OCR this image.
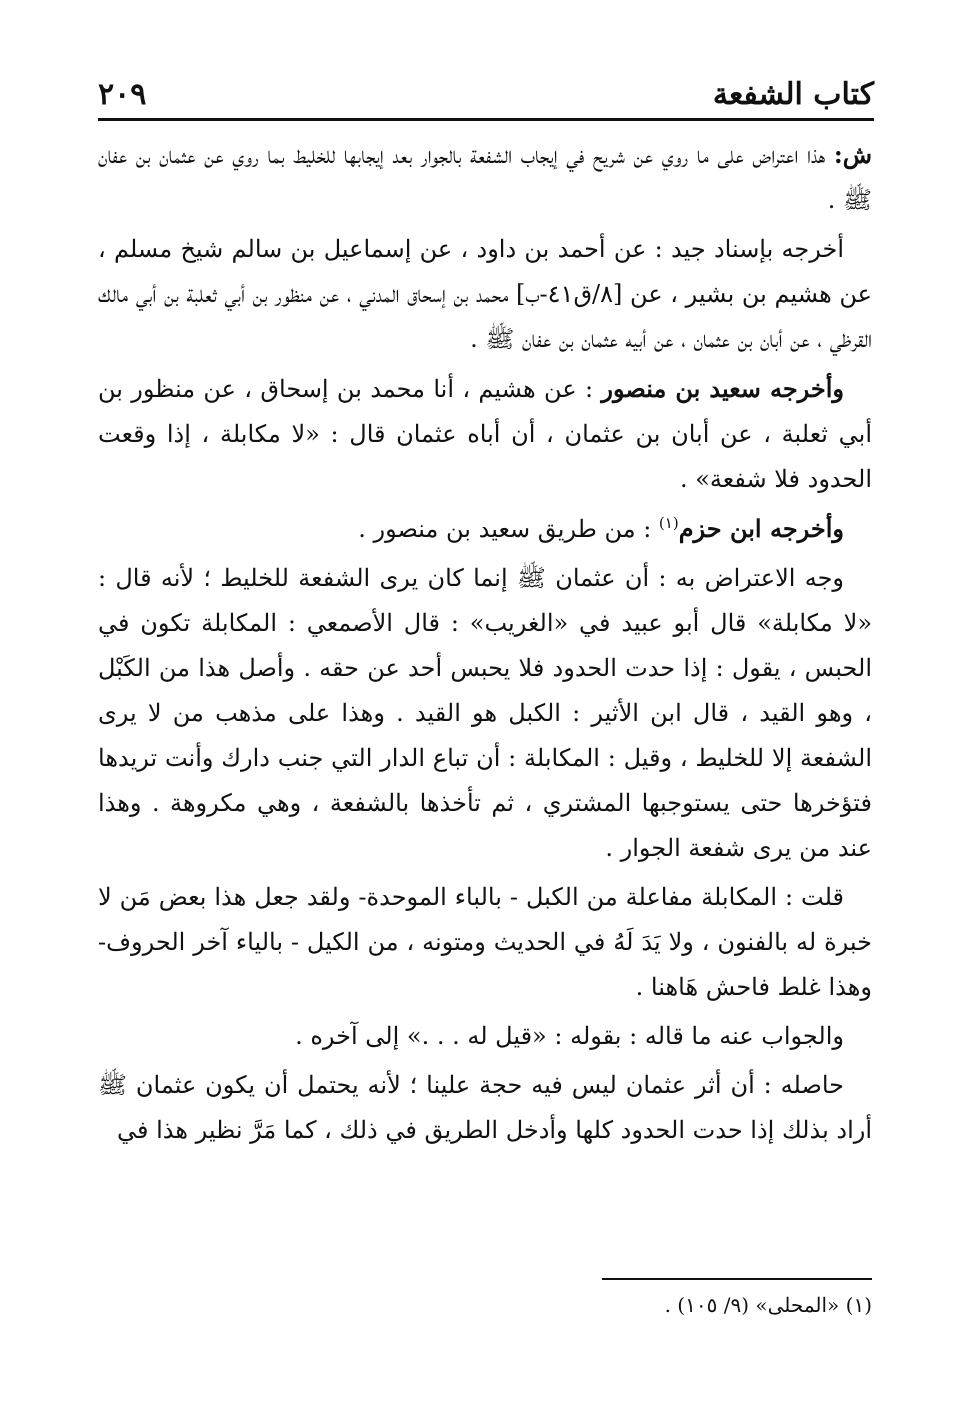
كتاب الشفعة
٢٠٩

ش: هذا اعتراض على ما روي عن شريح في إيجاب الشفعة بالجوار بعد إيجابها للخليط بما روي عن عثمان بن عفان ﷺ .

أخرجه بإسناد جيد : عن أحمد بن داود ، عن إسماعيل بن سالم شيخ مسلم ، عن هشيم بن بشير ، عن [٨/ق٤١-ب] محمد بن إسحاق المدني ، عن منظور بن أبي ثعلبة بن أبي مالك القرظي ، عن أبان بن عثمان ، عن أبيه عثمان بن عفان ﷺ .

وأخرجه سعيد بن منصور : عن هشيم ، أنا محمد بن إسحاق ، عن منظور بن أبي ثعلبة ، عن أبان بن عثمان ، أن أباه عثمان قال : «لا مكابلة ، إذا وقعت الحدود فلا شفعة» .

وأخرجه ابن حزم$^{(١)}$ : من طريق سعيد بن منصور .

وجه الاعتراض به : أن عثمان ﷺ إنما كان يرى الشفعة للخليط ؛ لأنه قال : «لا مكابلة» قال أبو عبيد في «الغريب» : قال الأصمعي : المكابلة تكون في الحبس ، يقول : إذا حدت الحدود فلا يحبس أحد عن حقه . وأصل هذا من الكَبْل ، وهو القيد ، قال ابن الأثير : الكبل هو القيد . وهذا على مذهب من لا يرى الشفعة إلا للخليط ، وقيل : المكابلة : أن تباع الدار التي جنب دارك وأنت تريدها فتؤخرها حتى يستوجبها المشتري ، ثم تأخذها بالشفعة ، وهي مكروهة . وهذا عند من يرى شفعة الجوار .

قلت : المكابلة مفاعلة من الكبل - بالباء الموحدة- ولقد جعل هذا بعض مَن لا خبرة له بالفنون ، ولا يَدَ لَهُ في الحديث ومتونه ، من الكيل - بالياء آخر الحروف- وهذا غلط فاحش هَاهنا .

والجواب عنه ما قاله : بقوله : «قيل له . . .» إلى آخره .

حاصله : أن أثر عثمان ليس فيه حجة علينا ؛ لأنه يحتمل أن يكون عثمان ﷺ أراد بذلك إذا حدت الحدود كلها وأدخل الطريق في ذلك ، كما مَرَّ نظير هذا في

(١) «المحلى» (٩/ ١٠٥) .
